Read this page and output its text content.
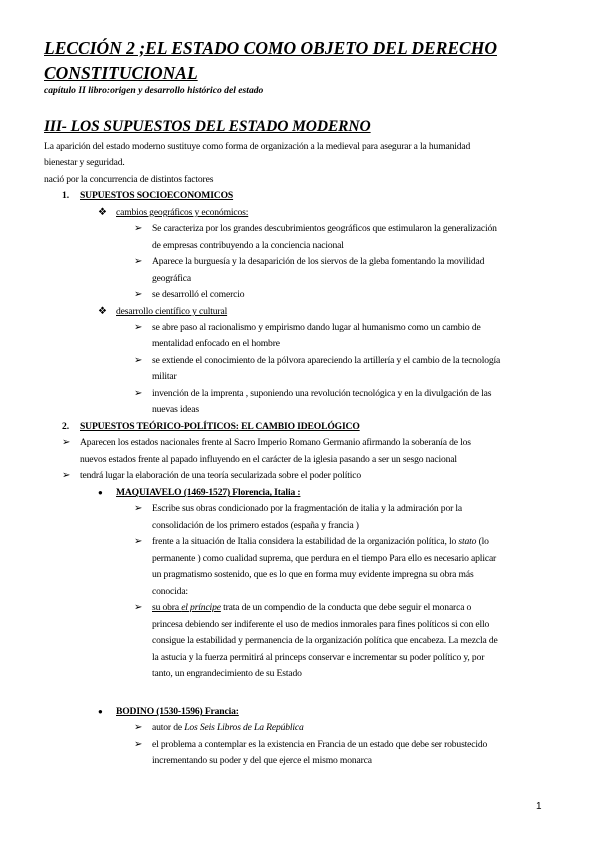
LECCIÓN 2 ;EL ESTADO COMO OBJETO DEL DERECHO
CONSTITUCIONAL
capítulo II libro:origen y desarrollo histórico del estado
III- LOS SUPUESTOS DEL ESTADO MODERNO
La aparición del estado moderno sustituye como forma de organización a la medieval para asegurar a la humanidad
bienestar y seguridad.
nació por la concurrencia de distintos factores
1. SUPUESTOS SOCIOECONOMICOS
❖ cambios geográficos y económicos:
➢ Se caracteriza por los grandes descubrimientos geográficos que estimularon la generalización
de empresas contribuyendo a la conciencia nacional
➢ Aparece la burguesía y la desaparición de los siervos de la gleba fomentando la movilidad
geográfica
➢ se desarrolló el comercio
❖ desarrollo científico y cultural
➢ se abre paso al racionalismo y empirismo dando lugar al humanismo como un cambio de
mentalidad enfocado en el hombre
➢ se extiende el conocimiento de la pólvora apareciendo la artillería y el cambio de la tecnología
militar
➢ invención de la imprenta , suponiendo una revolución tecnológica y en la divulgación de las
nuevas ideas
2. SUPUESTOS TEÓRICO-POLÍTICOS: EL CAMBIO IDEOLÓGICO
➢ Aparecen los estados nacionales frente al Sacro Imperio Romano Germanio afirmando la soberanía de los
nuevos estados frente al papado influyendo en el carácter de la iglesia pasando a ser un sesgo nacional
➢ tendrá lugar la elaboración de una teoría secularizada sobre el poder político
● MAQUIAVELO (1469-1527) Florencia, Italia :
➢ Escribe sus obras condicionado por la fragmentación de italia y la admiración por la
consolidación de los primero estados (españa y francia )
➢ frente a la situación de Italia considera la estabilidad de la organización política, lo stato (lo
permanente ) como cualidad suprema, que perdura en el tiempo Para ello es necesario aplicar
un pragmatismo sostenido, que es lo que en forma muy evidente impregna su obra más
conocida:
➢ su obra el príncipe trata de un compendio de la conducta que debe seguir el monarca o
princesa debiendo ser indiferente el uso de medios inmorales para fines políticos si con ello
consigue la estabilidad y permanencia de la organización política que encabeza. La mezcla de
la astucia y la fuerza permitirá al princeps conservar e incrementar su poder político y, por
tanto, un engrandecimiento de su Estado
● BODINO (1530-1596) Francia:
➢ autor de Los Seis Libros de La República
➢ el problema a contemplar es la existencia en Francia de un estado que debe ser robustecido
incrementando su poder y del que ejerce el mismo monarca
1
